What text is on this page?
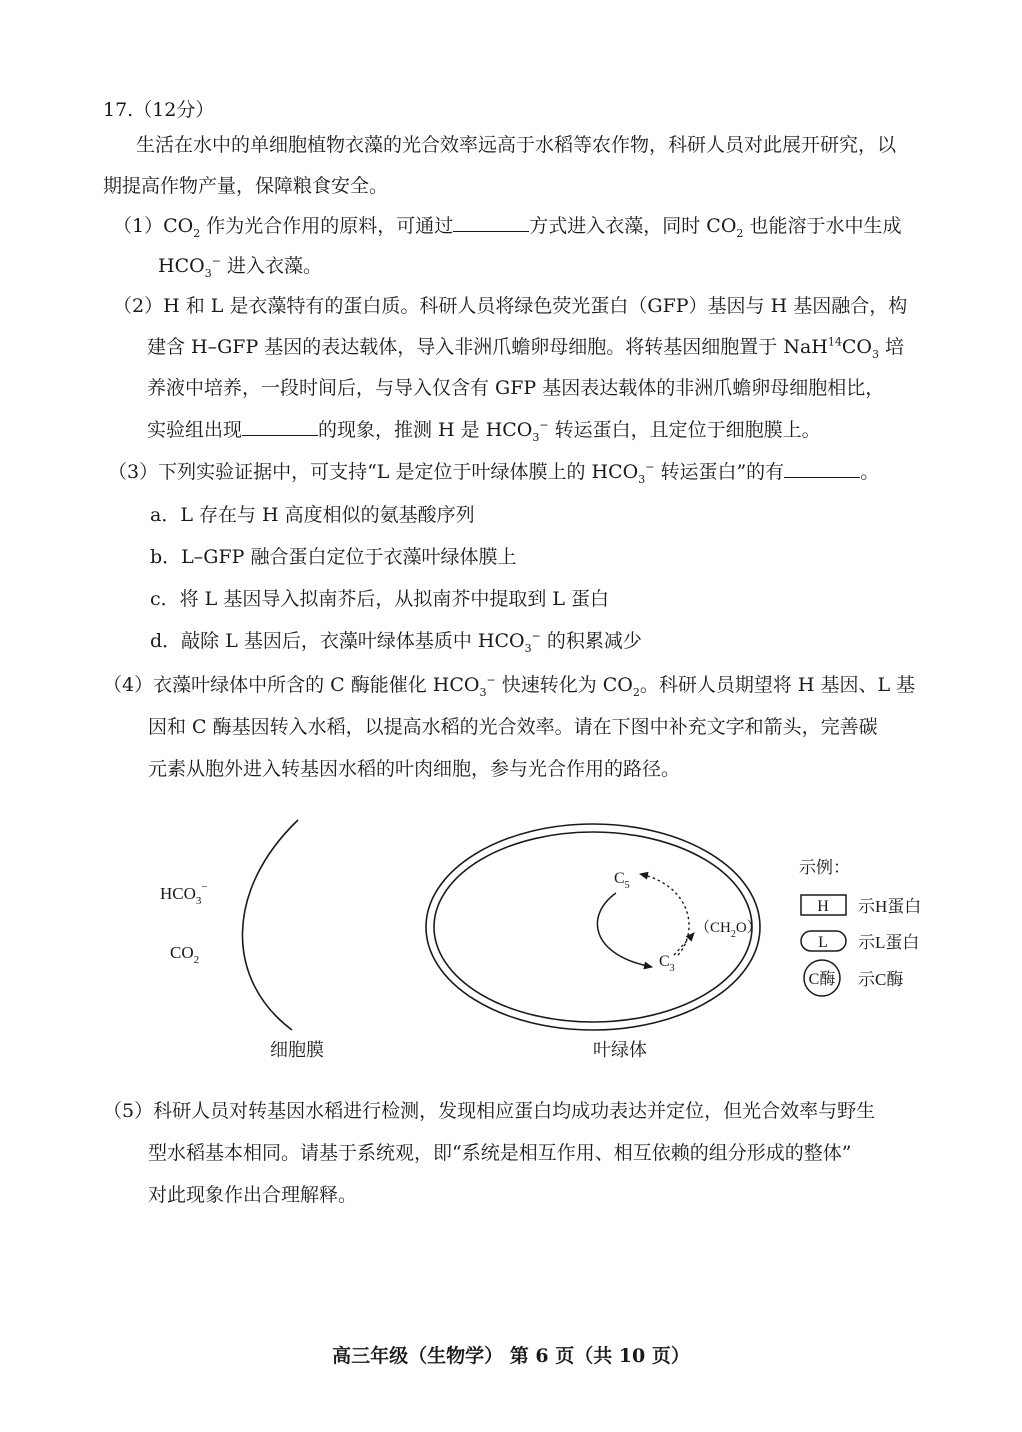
17.（12分）
生活在水中的单细胞植物衣藻的光合效率远高于水稻等农作物，科研人员对此展开研究，以
期提高作物产量，保障粮食安全。
$(1)CO_2$ 作为光合作用的原料，可通过	方式进入衣藻，同时 $CO_2$ 也能溶于水中生成
$HCO_3^-$ 进入衣藻。
（2）H 和 L 是衣藻特有的蛋白质。科研人员将绿色荧光蛋白（GFP）基因与 H 基因融合，构
建含 H–GFP 基因的表达载体，导入非洲爪蟾卵母细胞。将转基因细胞置于 $NaH^{14}CO_3$ 培
养液中培养，一段时间后，与导入仅含有 GFP 基因表达载体的非洲爪蟾卵母细胞相比，
实验组出现	的现象，推测 H 是 $HCO_3^-$ 转运蛋白，且定位于细胞膜上。
（3）下列实验证据中，可支持“L 是定位于叶绿体膜上的 $HCO_3^-$ 转运蛋白”的有	。
a．L 存在与 H 高度相似的氨基酸序列
b．L–GFP 融合蛋白定位于衣藻叶绿体膜上
c．将 L 基因导入拟南芥后，从拟南芥中提取到 L 蛋白
d．敲除 L 基因后，衣藻叶绿体基质中 $HCO_3^-$ 的积累减少
（4）衣藻叶绿体中所含的 C 酶能催化 $HCO_3^-$ 快速转化为 $CO_2$。科研人员期望将 H 基因、L 基
因和 C 酶基因转入水稻，以提高水稻的光合效率。请在下图中补充文字和箭头，完善碳
元素从胞外进入转基因水稻的叶肉细胞，参与光合作用的路径。
$HCO_3^-$
$CO_2$
$C_5$
$C_3$
$(CH_2O)$
细胞膜	叶绿体
示例：
H 示H蛋白
L 示L蛋白
C酶 示C酶
（5）科研人员对转基因水稻进行检测，发现相应蛋白均成功表达并定位，但光合效率与野生
型水稻基本相同。请基于系统观，即“系统是相互作用、相互依赖的组分形成的整体”
对此现象作出合理解释。
高三年级（生物学） 第 6 页（共 10 页）
